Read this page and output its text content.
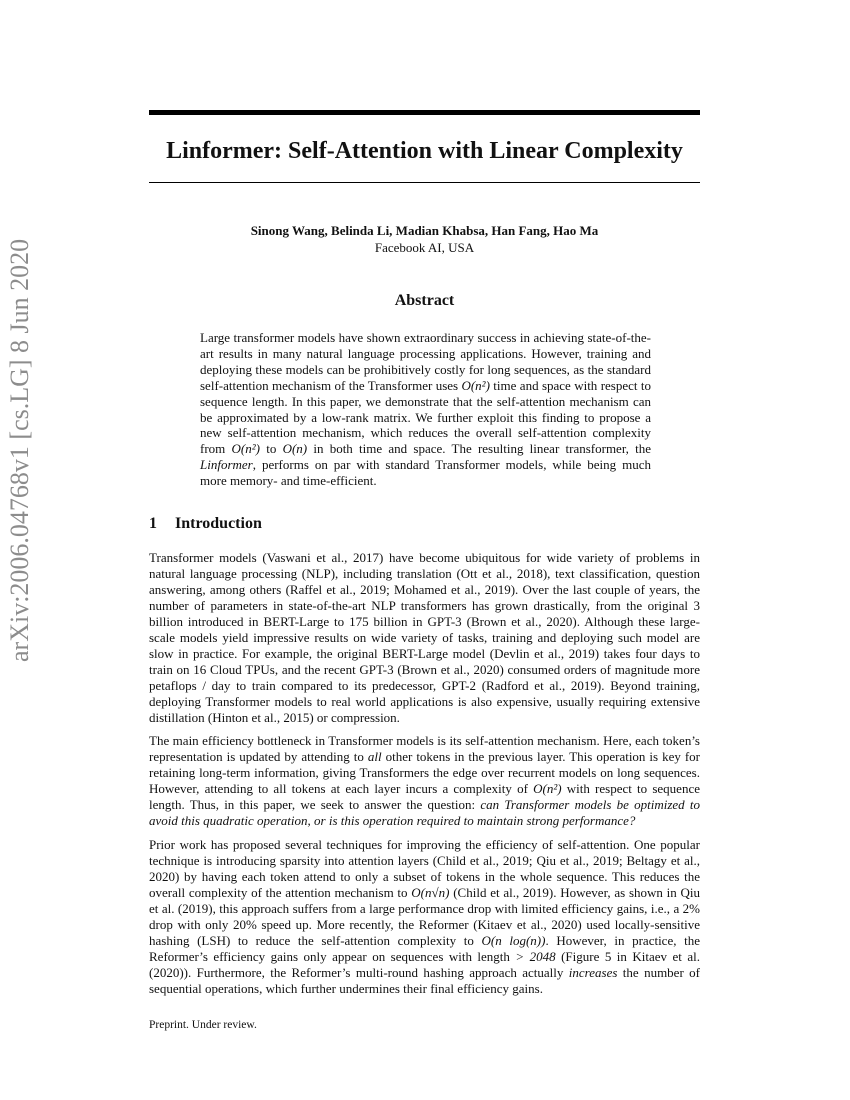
arXiv:2006.04768v1 [cs.LG] 8 Jun 2020
Linformer: Self-Attention with Linear Complexity
Sinong Wang, Belinda Li, Madian Khabsa, Han Fang, Hao Ma
Facebook AI, USA
Abstract
Large transformer models have shown extraordinary success in achieving state-of-the-art results in many natural language processing applications. However, training and deploying these models can be prohibitively costly for long sequences, as the standard self-attention mechanism of the Transformer uses O(n²) time and space with respect to sequence length. In this paper, we demonstrate that the self-attention mechanism can be approximated by a low-rank matrix. We further exploit this finding to propose a new self-attention mechanism, which reduces the overall self-attention complexity from O(n²) to O(n) in both time and space. The resulting linear transformer, the Linformer, performs on par with standard Transformer models, while being much more memory- and time-efficient.
1 Introduction

Transformer models (Vaswani et al., 2017) have become ubiquitous for wide variety of problems in natural language processing (NLP), including translation (Ott et al., 2018), text classification, question answering, among others (Raffel et al., 2019; Mohamed et al., 2019). Over the last couple of years, the number of parameters in state-of-the-art NLP transformers has grown drastically, from the original 3 billion introduced in BERT-Large to 175 billion in GPT-3 (Brown et al., 2020). Although these large-scale models yield impressive results on wide variety of tasks, training and deploying such model are slow in practice. For example, the original BERT-Large model (Devlin et al., 2019) takes four days to train on 16 Cloud TPUs, and the recent GPT-3 (Brown et al., 2020) consumed orders of magnitude more petaflops / day to train compared to its predecessor, GPT-2 (Radford et al., 2019). Beyond training, deploying Transformer models to real world applications is also expensive, usually requiring extensive distillation (Hinton et al., 2015) or compression.

The main efficiency bottleneck in Transformer models is its self-attention mechanism. Here, each token’s representation is updated by attending to all other tokens in the previous layer. This operation is key for retaining long-term information, giving Transformers the edge over recurrent models on long sequences. However, attending to all tokens at each layer incurs a complexity of O(n²) with respect to sequence length. Thus, in this paper, we seek to answer the question: can Transformer models be optimized to avoid this quadratic operation, or is this operation required to maintain strong performance?

Prior work has proposed several techniques for improving the efficiency of self-attention. One popular technique is introducing sparsity into attention layers (Child et al., 2019; Qiu et al., 2019; Beltagy et al., 2020) by having each token attend to only a subset of tokens in the whole sequence. This reduces the overall complexity of the attention mechanism to O(n√n) (Child et al., 2019). However, as shown in Qiu et al. (2019), this approach suffers from a large performance drop with limited efficiency gains, i.e., a 2% drop with only 20% speed up. More recently, the Reformer (Kitaev et al., 2020) used locally-sensitive hashing (LSH) to reduce the self-attention complexity to O(n log(n)). However, in practice, the Reformer’s efficiency gains only appear on sequences with length > 2048 (Figure 5 in Kitaev et al. (2020)). Furthermore, the Reformer’s multi-round hashing approach actually increases the number of sequential operations, which further undermines their final efficiency gains.

Preprint. Under review.
